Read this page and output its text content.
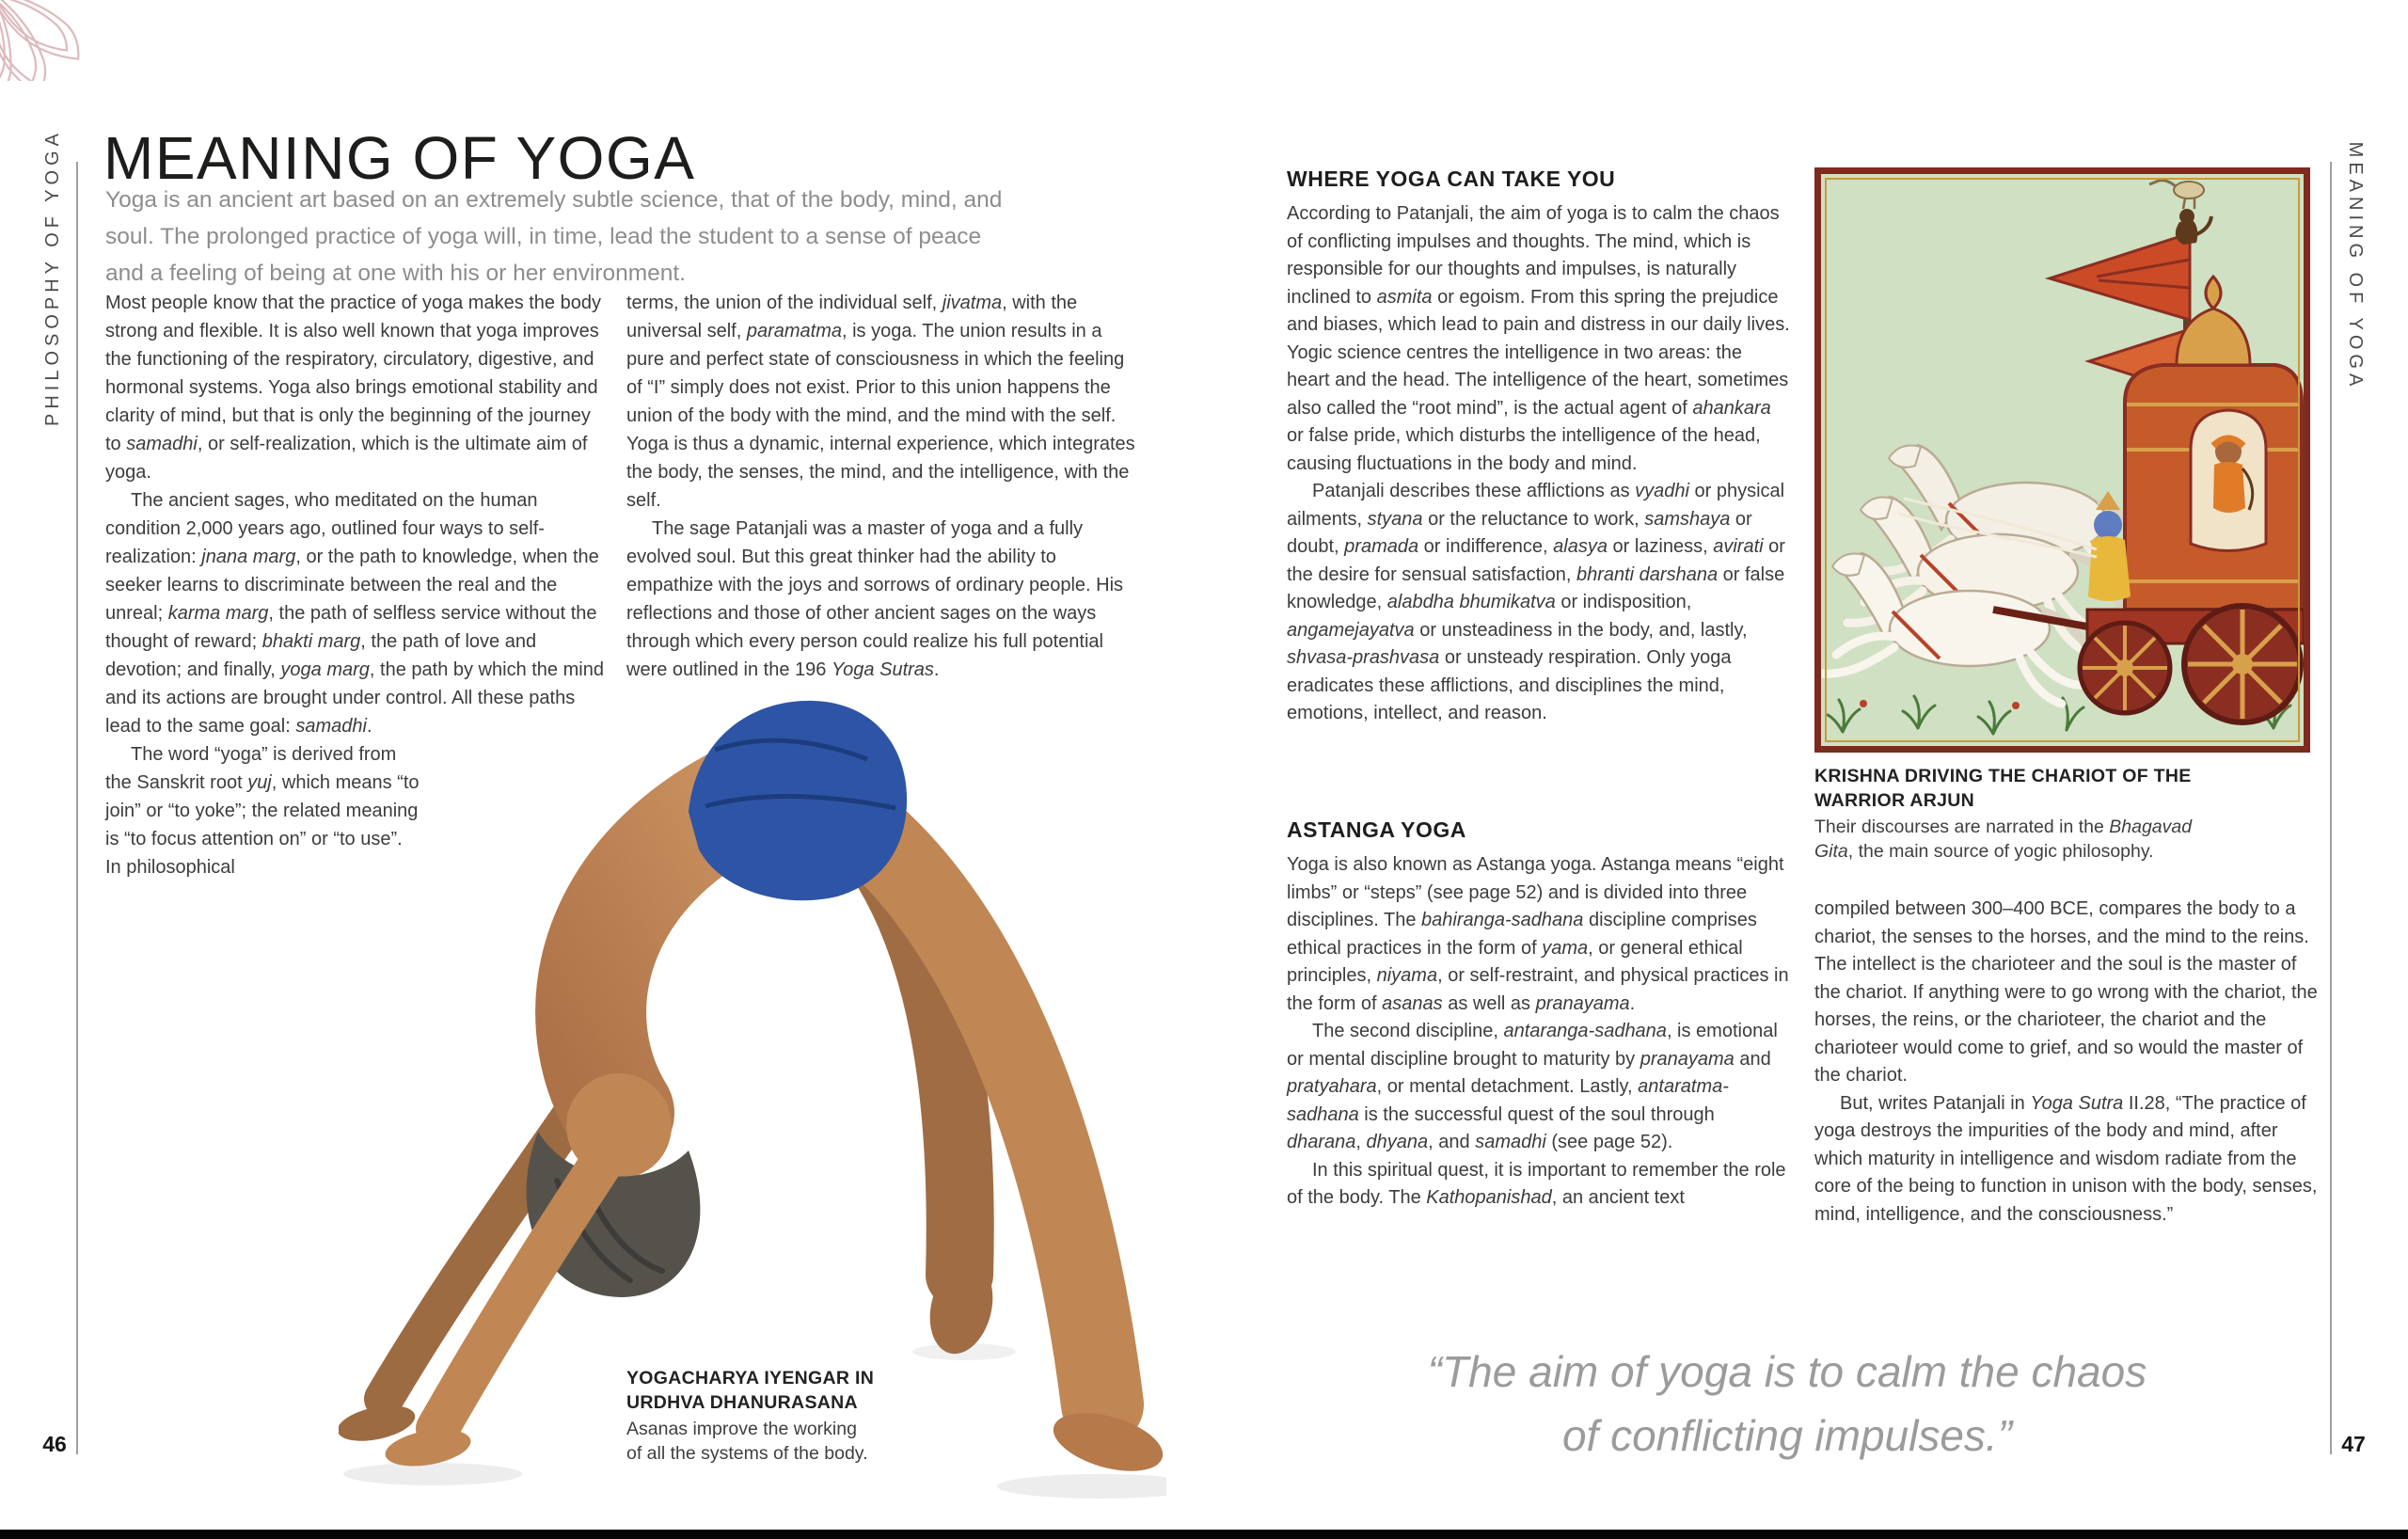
PHILOSOPHY OF YOGA	MEANING OF YOGA
46	47
MEANING OF YOGA

Yoga is an ancient art based on an extremely subtle science, that of the body, mind, and soul. The prolonged practice of yoga will, in time, lead the student to a sense of peace and a feeling of being at one with his or her environment.

Most people know that the practice of yoga makes the body strong and flexible. It is also well known that yoga improves the functioning of the respiratory, circulatory, digestive, and hormonal systems. Yoga also brings emotional stability and clarity of mind, but that is only the beginning of the journey to samadhi, or self-realization, which is the ultimate aim of yoga.

The ancient sages, who meditated on the human condition 2,000 years ago, outlined four ways to self-realization: jnana marg, or the path to knowledge, when the seeker learns to discriminate between the real and the unreal; karma marg, the path of selfless service without the thought of reward; bhakti marg, the path of love and devotion; and finally, yoga marg, the path by which the mind and its actions are brought under control. All these paths lead to the same goal: samadhi.

The word “yoga” is derived from the Sanskrit root yuj, which means “to join” or “to yoke”; the related meaning is “to focus attention on” or “to use”. In philosophical

terms, the union of the individual self, jivatma, with the universal self, paramatma, is yoga. The union results in a pure and perfect state of consciousness in which the feeling of “I” simply does not exist. Prior to this union happens the union of the body with the mind, and the mind with the self. Yoga is thus a dynamic, internal experience, which integrates the body, the senses, the mind, and the intelligence, with the self.

The sage Patanjali was a master of yoga and a fully evolved soul. But this great thinker had the ability to empathize with the joys and sorrows of ordinary people. His reflections and those of other ancient sages on the ways through which every person could realize his full potential were outlined in the 196 Yoga Sutras.

YOGACHARYA IYENGAR IN
URDHVA DHANURASANA

Asanas improve the working
of all the systems of the body.

WHERE YOGA CAN TAKE YOU

According to Patanjali, the aim of yoga is to calm the chaos of conflicting impulses and thoughts. The mind, which is responsible for our thoughts and impulses, is naturally inclined to asmita or egoism. From this spring the prejudice and biases, which lead to pain and distress in our daily lives. Yogic science centres the intelligence in two areas: the heart and the head. The intelligence of the heart, sometimes also called the “root mind”, is the actual agent of ahankara or false pride, which disturbs the intelligence of the head, causing fluctuations in the body and mind.

Patanjali describes these afflictions as vyadhi or physical ailments, styana or the reluctance to work, samshaya or doubt, pramada or indifference, alasya or laziness, avirati or the desire for sensual satisfaction, bhranti darshana or false knowledge, alabdha bhumikatva or indisposition, angamejayatva or unsteadiness in the body, and, lastly, shvasa-prashvasa or unsteady respiration. Only yoga eradicates these afflictions, and disciplines the mind, emotions, intellect, and reason.

ASTANGA YOGA

Yoga is also known as Astanga yoga. Astanga means “eight limbs” or “steps” (see page 52) and is divided into three disciplines. The bahiranga-sadhana discipline comprises ethical practices in the form of yama, or general ethical principles, niyama, or self-restraint, and physical practices in the form of asanas as well as pranayama.

The second discipline, antaranga-sadhana, is emotional or mental discipline brought to maturity by pranayama and pratyahara, or mental detachment. Lastly, antaratma-sadhana is the successful quest of the soul through dharana, dhyana, and samadhi (see page 52).

In this spiritual quest, it is important to remember the role of the body. The Kathopanishad, an ancient text

KRISHNA DRIVING THE CHARIOT OF THE
WARRIOR ARJUN

Their discourses are narrated in the Bhagavad
Gita, the main source of yogic philosophy.

compiled between 300–400 BCE, compares the body to a chariot, the senses to the horses, and the mind to the reins. The intellect is the charioteer and the soul is the master of the chariot. If anything were to go wrong with the chariot, the horses, the reins, or the charioteer, the chariot and the charioteer would come to grief, and so would the master of the chariot.

But, writes Patanjali in Yoga Sutra II.28, “The practice of yoga destroys the impurities of the body and mind, after which maturity in intelligence and wisdom radiate from the core of the being to function in unison with the body, senses, mind, intelligence, and the consciousness.”

“The aim of yoga is to calm the chaos
of conflicting impulses.”
